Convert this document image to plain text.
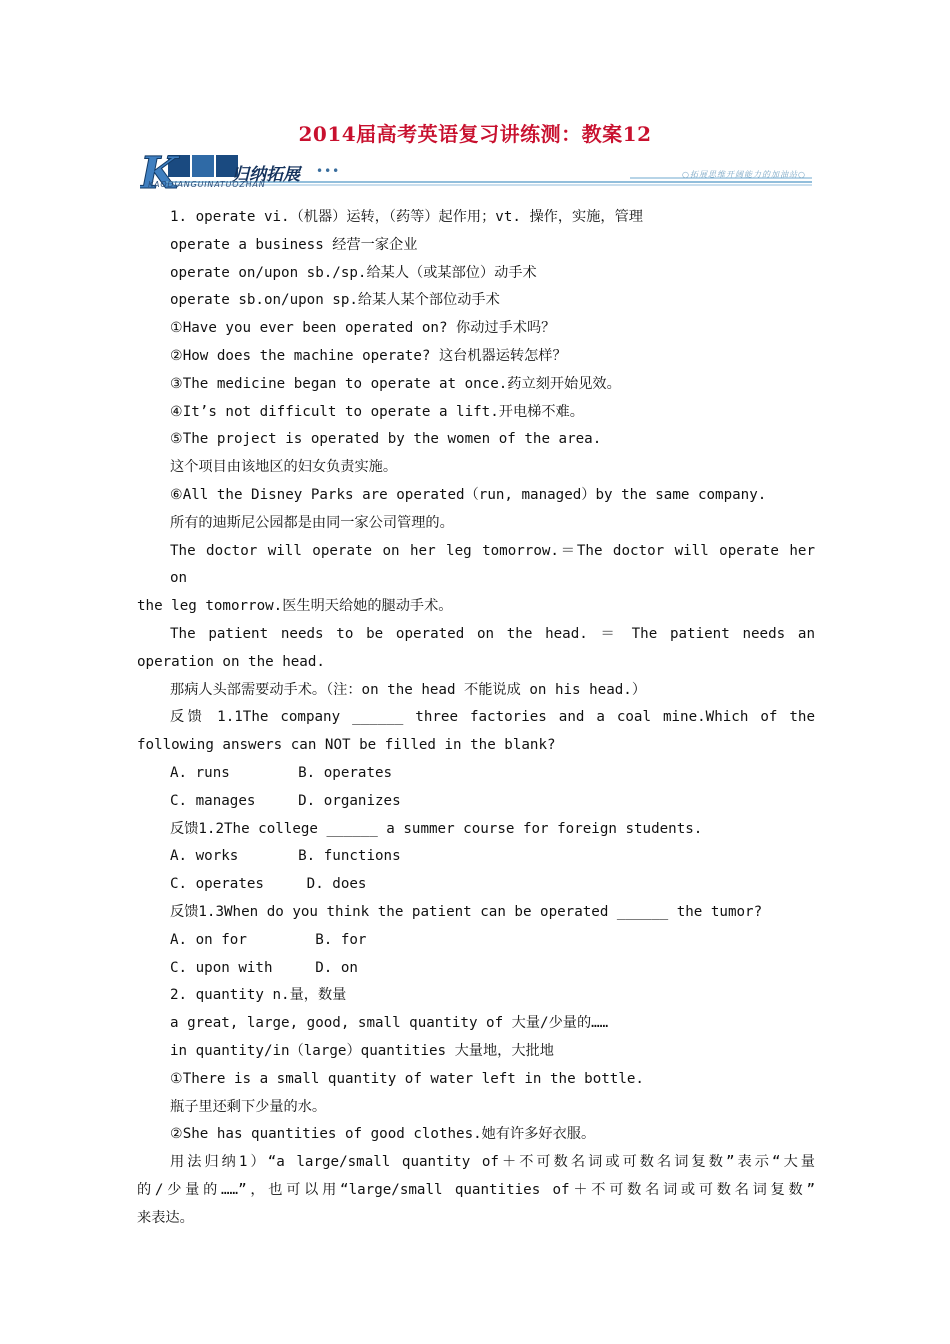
2014届高考英语复习讲练测：教案12
K	归纳拓展 •••
KAODIANGUINATUOZHAN
○拓展思维开阔能力的加油站○
1. operate vi.（机器）运转，（药等）起作用；vt. 操作，实施，管理
operate a business 经营一家企业
operate on/upon sb./sp.给某人（或某部位）动手术
operate sb.on/upon sp.给某人某个部位动手术
①Have you ever been operated on? 你动过手术吗？
②How does the machine operate? 这台机器运转怎样？
③The medicine began to operate at once.药立刻开始见效。
④It’s not difficult to operate a lift.开电梯不难。
⑤The project is operated by the women of the area.
这个项目由该地区的妇女负责实施。
⑥All the Disney Parks are operated（run, managed）by the same company.
所有的迪斯尼公园都是由同一家公司管理的。
The doctor will operate on her leg tomorrow.＝The doctor will operate her on
the leg tomorrow.医生明天给她的腿动手术。
The patient needs to be operated on the head. ＝ The patient needs an
operation on the head.
那病人头部需要动手术。（注：on the head 不能说成 on his head.）
反馈 1.1The company ______ three factories and a coal mine.Which of the
following answers can NOT be filled in the blank?
A. runs        B. operates
C. manages     D. organizes
反馈1.2The college ______ a summer course for foreign students.
A. works       B. functions
C. operates     D. does
反馈1.3When do you think the patient can be operated ______ the tumor?
A. on for        B. for
C. upon with     D. on
2. quantity n.量，数量
a great, large, good, small quantity of 大量/少量的……
in quantity/in（large）quantities 大量地，大批地
①There is a small quantity of water left in the bottle.
瓶子里还剩下少量的水。
②She has quantities of good clothes.她有许多好衣服。
用法归纳1）“a large/small quantity of＋不可数名词或可数名词复数”表示“大量
的/少量的……”，也可以用“large/small quantities of＋不可数名词或可数名词复数”
来表达。
